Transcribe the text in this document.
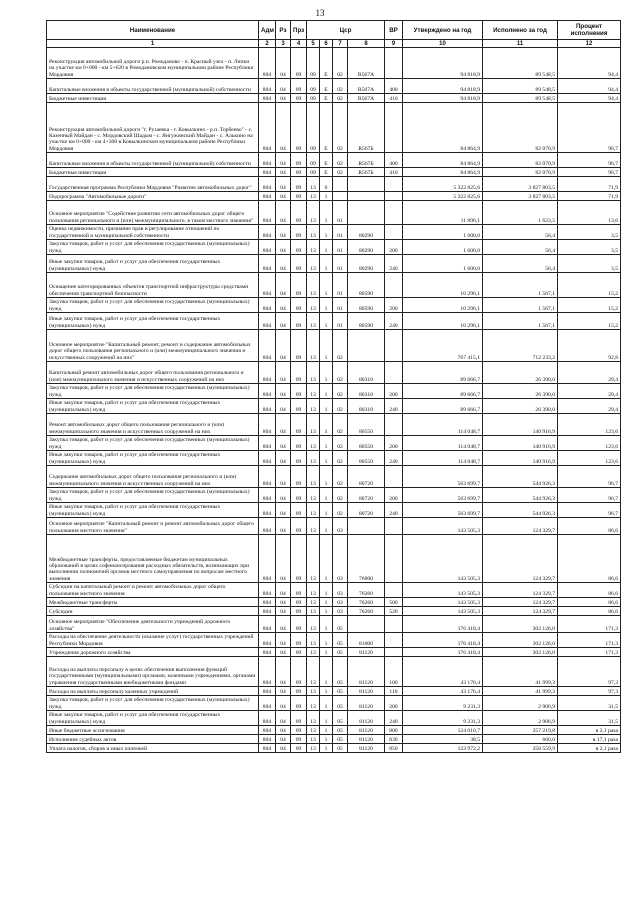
13
Наименование	Адм	Рз	Прз	Цср				ВР	Утверждено на год	Исполнено за год	Процент исполнения
1	2	3	4	5	6	7	8	9	10	11	12
Реконструкция автомобильной дороги р.п. Ромоданово - п. Красный узел - п. Липки на участке км 0+000 - км 5+620 в Ромодановском муниципальном районе Республики Мордовия	804	04	09	09	Е	02	R567A		94 818,9	89 548,5	94,4
Капитальные вложения в объекты государственной (муниципальной) собственности	804	04	09	09	Е	02	R567A	400	94 818,9	89 548,5	94,4
Бюджетные инвестиции	804	04	09	09	Е	02	R567A	410	94 818,9	89 548,5	94,4
Реконструкция автомобильной дороги "г. Рузаевка - г. Ковылкино - р.п. Торбеево" - с. Казенный Майдан - с. Мордовский Шадым - с. Янгужинский Майдан - с. Алькино на участке км 0+000 - км 4+300 в Ковылкинском муниципальном районе Республики Мордовия	804	04	09	09	Е	02	R567Б		84 864,9	82 070,9	96,7
Капитальные вложения в объекты государственной (муниципальной) собственности	804	04	09	09	Е	02	R567Б	400	84 864,9	82 070,9	96,7
Бюджетные инвестиции	804	04	09	09	Е	02	R567Б	410	84 864,9	82 070,9	96,7
Государственная программа Республики Мордовия "Развитие автомобильных дорог"	804	04	09	13	0				5 322 825,6	3 827 803,5	71,9
Подпрограмма "Автомобильные дороги"	804	04	09	13	1				5 322 825,6	3 827 803,5	71,9
Основное мероприятие "Содействие развитию сети автомобильных дорог общего пользования регионального и (или) межмуниципального, в таком местного значения"	804	04	09	13	1	01			11 896,1	1 623,5	13,6
Оценка недвижимости, признание прав и регулирование отношений по государственной и муниципальной собственности	804	04	09	13	1	01	80290		1 600,0	56,4	3,5
Закупка товаров, работ и услуг для обеспечения государственных (муниципальных) нужд	804	04	09	13	1	01	80290	200	1 600,0	56,4	3,5
Иные закупки товаров, работ и услуг для обеспечения государственных (муниципальных) нужд	804	04	09	13	1	01	80290	240	1 600,0	56,4	3,5
Оснащение категорированных объектов транспортной инфраструктуры средствами обеспечения транспортной безопасности	804	04	09	13	1	01	80590		10 296,1	1 567,1	15,2
Закупка товаров, работ и услуг для обеспечения государственных (муниципальных) нужд	804	04	09	13	1	01	80590	200	10 296,1	1 567,1	15,2
Иные закупки товаров, работ и услуг для обеспечения государственных (муниципальных) нужд	804	04	09	13	1	01	80590	240	10 296,1	1 567,1	15,2
Основное мероприятие "Капитальный ремонт, ремонт и содержание автомобильных дорог общего пользования регионального и (или) межмуниципального значения и искусственных сооружений на них"	804	04	09	13	1	02			767 415,1	712 233,2	92,8
Капитальный ремонт автомобильных дорог общего пользования регионального и (или) межмуниципального значения и искусственных сооружений на них	804	04	09	13	1	02	80310		89 666,7	26 390,0	29,4
Закупка товаров, работ и услуг для обеспечения государственных (муниципальных) нужд	804	04	09	13	1	02	80310	200	89 666,7	26 390,0	29,4
Иные закупки товаров, работ и услуг для обеспечения государственных (муниципальных) нужд	804	04	09	13	1	02	80310	240	89 666,7	26 390,0	29,4
Ремонт автомобильных дорог общего пользования регионального и (или) межмуниципального значения и искусственных сооружений на них	804	04	09	13	1	02	80550		114 048,7	140 916,9	123,6
Закупка товаров, работ и услуг для обеспечения государственных (муниципальных) нужд	804	04	09	13	1	02	80550	200	114 048,7	140 916,9	123,6
Иные закупки товаров, работ и услуг для обеспечения государственных (муниципальных) нужд	804	04	09	13	1	02	80550	240	114 048,7	140 916,9	123,6
Содержание автомобильных дорог общего пользования регионального и (или) межмуниципального значения и искусственных сооружений на них	804	04	09	13	1	02	80720		563 699,7	544 926,3	96,7
Закупка товаров, работ и услуг для обеспечения государственных (муниципальных) нужд	804	04	09	13	1	02	80720	200	563 699,7	544 926,3	96,7
Иные закупки товаров, работ и услуг для обеспечения государственных (муниципальных) нужд	804	04	09	13	1	02	80720	240	563 699,7	544 926,3	96,7
Основное мероприятие "Капитальный ремонт и ремонт автомобильных дорог общего пользования местного значения"	804	04	09	13	1	03			143 505,3	124 329,7	86,6
Межбюджетные трансферты, предоставляемые бюджетам муниципальных образований в целях софинансирования расходных обязательств, возникающих при выполнении полномочий органов местного самоуправления по вопросам местного значения	804	04	09	13	1	03	76000		143 505,3	124 329,7	86,6
Субсидии на капитальный ремонт и ремонт автомобильных дорог общего пользования местного значения	804	04	09	13	1	03	76260		143 505,3	124 329,7	86,6
Межбюджетные трансферты	804	04	09	13	1	03	76260	500	143 505,3	124 329,7	86,6
Субсидии	804	04	09	13	1	03	76260	520	143 505,3	124 329,7	86,6
Основное мероприятие "Обеспечение деятельности учреждений дорожного хозяйства"	804	04	09	13	1	05			176 418,4	302 126,0	171,3
Расходы на обеспечение деятельности (оказание услуг) государственных учреждений Республики Мордовия	804	04	09	13	1	05	81000		176 418,4	302 126,0	171,3
Учреждения дорожного хозяйства	804	04	09	13	1	05	81120		176 418,4	302 126,0	171,3
Расходы на выплаты персоналу в целях обеспечения выполнения функций государственными (муниципальными) органами, казенными учреждениями, органами управления государственными внебюджетными фондами	804	04	09	13	1	05	81120	100	43 176,4	41 999,3	97,3
Расходы на выплаты персоналу казенных учреждений	804	04	09	13	1	05	81120	110	43 176,4	41 999,3	97,3
Закупка товаров, работ и услуг для обеспечения государственных (муниципальных) нужд	804	04	09	13	1	05	81120	200	9 231,3	2 906,9	31,5
Иные закупки товаров, работ и услуг для обеспечения государственных (муниципальных) нужд	804	04	09	13	1	05	81120	240	9 231,3	2 906,9	31,5
Иные бюджетные ассигнования	804	04	09	13	1	05	81120	800	124 010,7	257 219,8	в 2,1 раза
Исполнение судебных актов	804	04	09	13	1	05	81120	830	38,5	660,0	в 17,1 раза
Уплата налогов, сборов и иных платежей	804	04	09	13	1	05	81120	850	123 972,2	256 559,9	в 2,1 раза
